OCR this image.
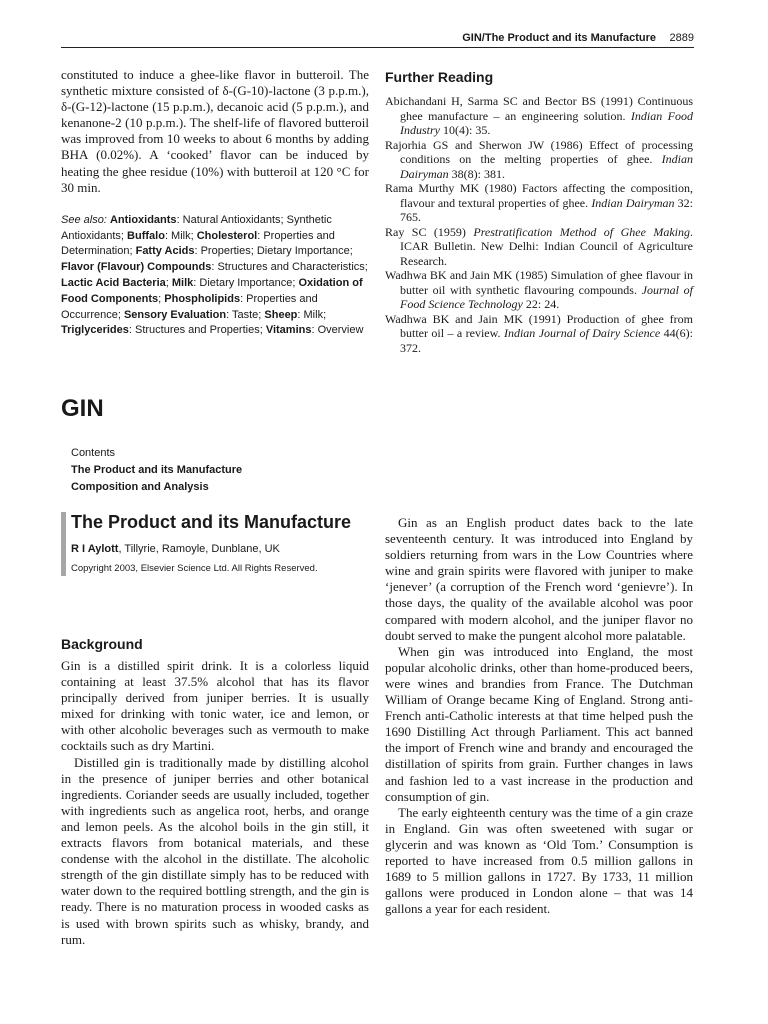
GIN/The Product and its Manufacture 2889

constituted to induce a ghee-like flavor in butteroil. The synthetic mixture consisted of δ-(G-10)-lactone (3 p.p.m.), δ-(G-12)-lactone (15 p.p.m.), decanoic acid (5 p.p.m.), and kenanone-2 (10 p.p.m.). The shelf-life of flavored butteroil was improved from 10 weeks to about 6 months by adding BHA (0.02%). A ‘cooked’ flavor can be induced by heating the ghee residue (10%) with butteroil at 120 °C for 30 min.

See also: Antioxidants: Natural Antioxidants; Synthetic Antioxidants; Buffalo: Milk; Cholesterol: Properties and Determination; Fatty Acids: Properties; Dietary Importance; Flavor (Flavour) Compounds: Structures and Characteristics; Lactic Acid Bacteria; Milk: Dietary Importance; Oxidation of Food Components; Phospholipids: Properties and Occurrence; Sensory Evaluation: Taste; Sheep: Milk; Triglycerides: Structures and Properties; Vitamins: Overview

Further Reading

Abichandani H, Sarma SC and Bector BS (1991) Continuous ghee manufacture – an engineering solution. Indian Food Industry 10(4): 35.

Rajorhia GS and Sherwon JW (1986) Effect of processing conditions on the melting properties of ghee. Indian Dairyman 38(8): 381.

Rama Murthy MK (1980) Factors affecting the composition, flavour and textural properties of ghee. Indian Dairyman 32: 765.

Ray SC (1959) Prestratification Method of Ghee Making. ICAR Bulletin. New Delhi: Indian Council of Agriculture Research.

Wadhwa BK and Jain MK (1985) Simulation of ghee flavour in butter oil with synthetic flavouring compounds. Journal of Food Science Technology 22: 24.

Wadhwa BK and Jain MK (1991) Production of ghee from butter oil – a review. Indian Journal of Dairy Science 44(6): 372.

GIN
Contents
The Product and its Manufacture
Composition and Analysis
The Product and its Manufacture

R I Aylott, Tillyrie, Ramoyle, Dunblane, UK

Copyright 2003, Elsevier Science Ltd. All Rights Reserved.

Background

Gin is a distilled spirit drink. It is a colorless liquid containing at least 37.5% alcohol that has its flavor principally derived from juniper berries. It is usually mixed for drinking with tonic water, ice and lemon, or with other alcoholic beverages such as vermouth to make cocktails such as dry Martini.

Distilled gin is traditionally made by distilling alcohol in the presence of juniper berries and other botanical ingredients. Coriander seeds are usually included, together with ingredients such as angelica root, herbs, and orange and lemon peels. As the alcohol boils in the gin still, it extracts flavors from botanical materials, and these condense with the alcohol in the distillate. The alcoholic strength of the gin distillate simply has to be reduced with water down to the required bottling strength, and the gin is ready. There is no maturation process in wooded casks as is used with brown spirits such as whisky, brandy, and rum.

Gin as an English product dates back to the late seventeenth century. It was introduced into England by soldiers returning from wars in the Low Countries where wine and grain spirits were flavored with juniper to make ‘jenever’ (a corruption of the French word ‘genievre’). In those days, the quality of the available alcohol was poor compared with modern alcohol, and the juniper flavor no doubt served to make the pungent alcohol more palatable.

When gin was introduced into England, the most popular alcoholic drinks, other than home-produced beers, were wines and brandies from France. The Dutchman William of Orange became King of England. Strong anti-French anti-Catholic interests at that time helped push the 1690 Distilling Act through Parliament. This act banned the import of French wine and brandy and encouraged the distillation of spirits from grain. Further changes in laws and fashion led to a vast increase in the production and consumption of gin.

The early eighteenth century was the time of a gin craze in England. Gin was often sweetened with sugar or glycerin and was known as ‘Old Tom.’ Consumption is reported to have increased from 0.5 million gallons in 1689 to 5 million gallons in 1727. By 1733, 11 million gallons were produced in London alone – that was 14 gallons a year for each resident.
